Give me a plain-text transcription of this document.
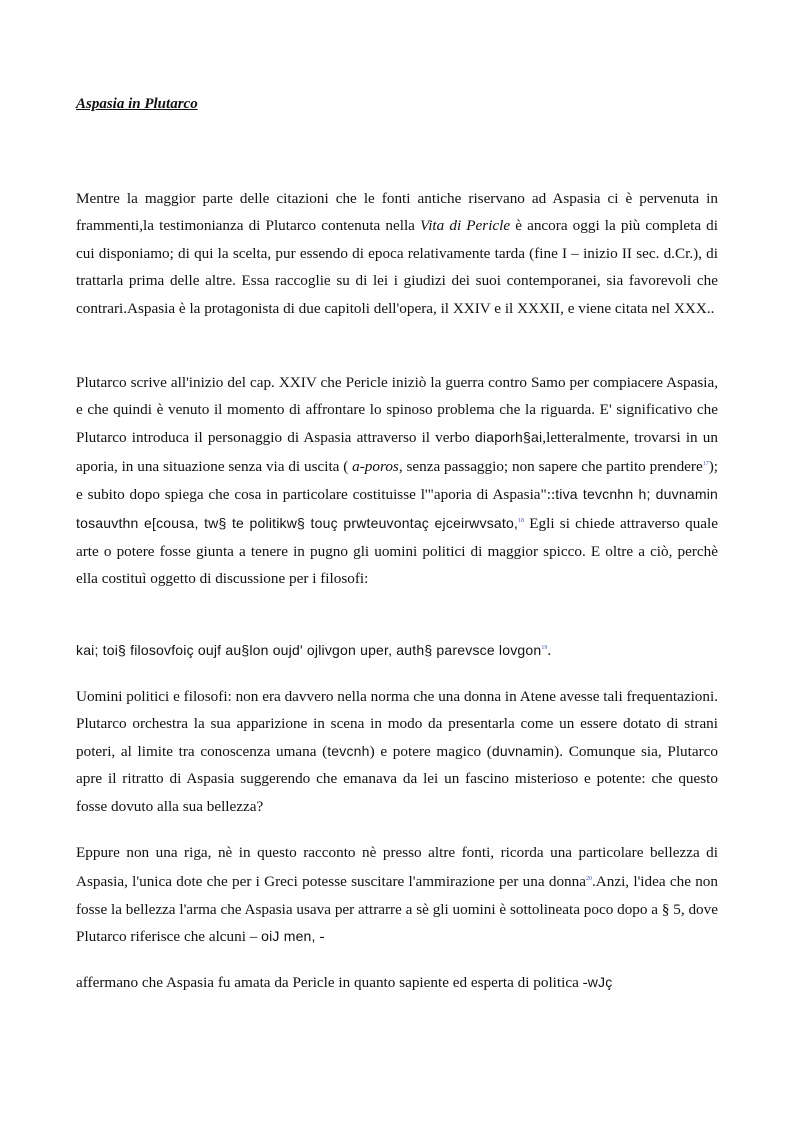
Aspasia in Plutarco

Mentre la maggior parte delle citazioni che le fonti antiche riservano ad Aspasia ci è pervenuta in frammenti,la testimonianza di Plutarco contenuta nella Vita di Pericle è ancora oggi la più completa di cui disponiamo; di qui la scelta, pur essendo di epoca relativamente tarda (fine I – inizio II sec. d.Cr.), di trattarla prima delle altre. Essa raccoglie su di lei i giudizi dei suoi contemporanei, sia favorevoli che contrari.Aspasia è la protagonista di due capitoli dell'opera, il XXIV e il XXXII, e viene citata nel XXX..

Plutarco scrive all'inizio del cap. XXIV che Pericle iniziò la guerra contro Samo per compiacere Aspasia, e che quindi è venuto il momento di affrontare lo spinoso problema che la riguarda. E' significativo che Plutarco introduca il personaggio di Aspasia attraverso il verbo diaporh§ai,letteralmente, trovarsi in un aporia, in una situazione senza via di uscita ( a-poros, senza passaggio; non sapere che partito prendere$^{17}$); e subito dopo spiega che cosa in particolare costituisse l'"aporia di Aspasia"::tiva tevcnhn h; duvnamin tosauvthn e[cousa, tw§ te politikw§ touç prwteuvontaç ejceirwvsato,$^{18}$ Egli si chiede attraverso quale arte o potere fosse giunta a tenere in pugno gli uomini politici di maggior spicco. E oltre a ciò, perchè ella costituì oggetto di discussione per i filosofi:

kai; toi§ filosovfoiç oujf au§lon oujd' ojlivgon uper, auth§ parevsce lovgon$^{19}$.

Uomini politici e filosofi: non era davvero nella norma che una donna in Atene avesse tali frequentazioni. Plutarco orchestra la sua apparizione in scena in modo da presentarla come un essere dotato di strani poteri, al limite tra conoscenza umana (tevcnh) e potere magico (duvnamin). Comunque sia, Plutarco apre il ritratto di Aspasia suggerendo che emanava da lei un fascino misterioso e potente: che questo fosse dovuto alla sua bellezza?

Eppure non una riga, nè in questo racconto nè presso altre fonti, ricorda una particolare bellezza di Aspasia, l'unica dote che per i Greci potesse suscitare l'ammirazione per una donna$^{20}$.Anzi, l'idea che non fosse la bellezza l'arma che Aspasia usava per attrarre a sè gli uomini è sottolineata poco dopo a § 5, dove Plutarco riferisce che alcuni – oiJ men, -

affermano che Aspasia fu amata da Pericle in quanto sapiente ed esperta di politica -wJç
